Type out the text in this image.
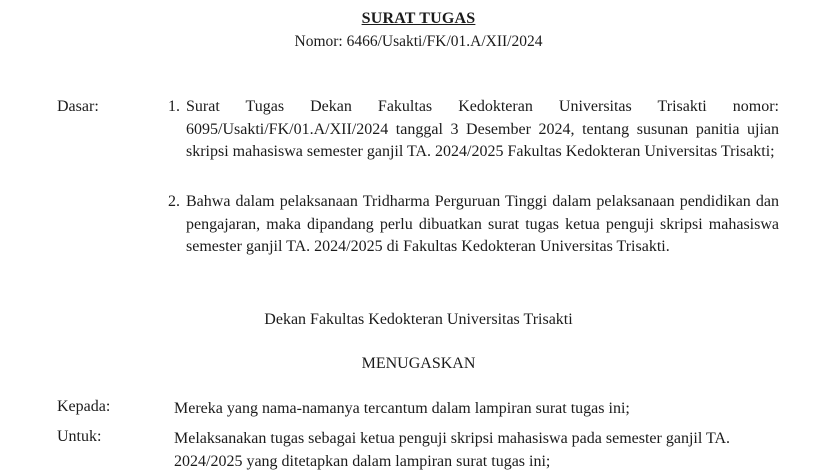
SURAT TUGAS
Nomor: 6466/Usakti/FK/01.A/XII/2024
Dasar:	1. Surat Tugas Dekan Fakultas Kedokteran Universitas Trisakti nomor: 6095/Usakti/FK/01.A/XII/2024 tanggal 3 Desember 2024, tentang susunan panitia ujian skripsi mahasiswa semester ganjil TA. 2024/2025 Fakultas Kedokteran Universitas Trisakti;
2. Bahwa dalam pelaksanaan Tridharma Perguruan Tinggi dalam pelaksanaan pendidikan dan pengajaran, maka dipandang perlu dibuatkan surat tugas ketua penguji skripsi mahasiswa semester ganjil TA. 2024/2025 di Fakultas Kedokteran Universitas Trisakti.
Dekan Fakultas Kedokteran Universitas Trisakti
MENUGASKAN
Kepada:	Mereka yang nama-namanya tercantum dalam lampiran surat tugas ini;
Untuk:	Melaksanakan tugas sebagai ketua penguji skripsi mahasiswa pada semester ganjil TA. 2024/2025 yang ditetapkan dalam lampiran surat tugas ini;
